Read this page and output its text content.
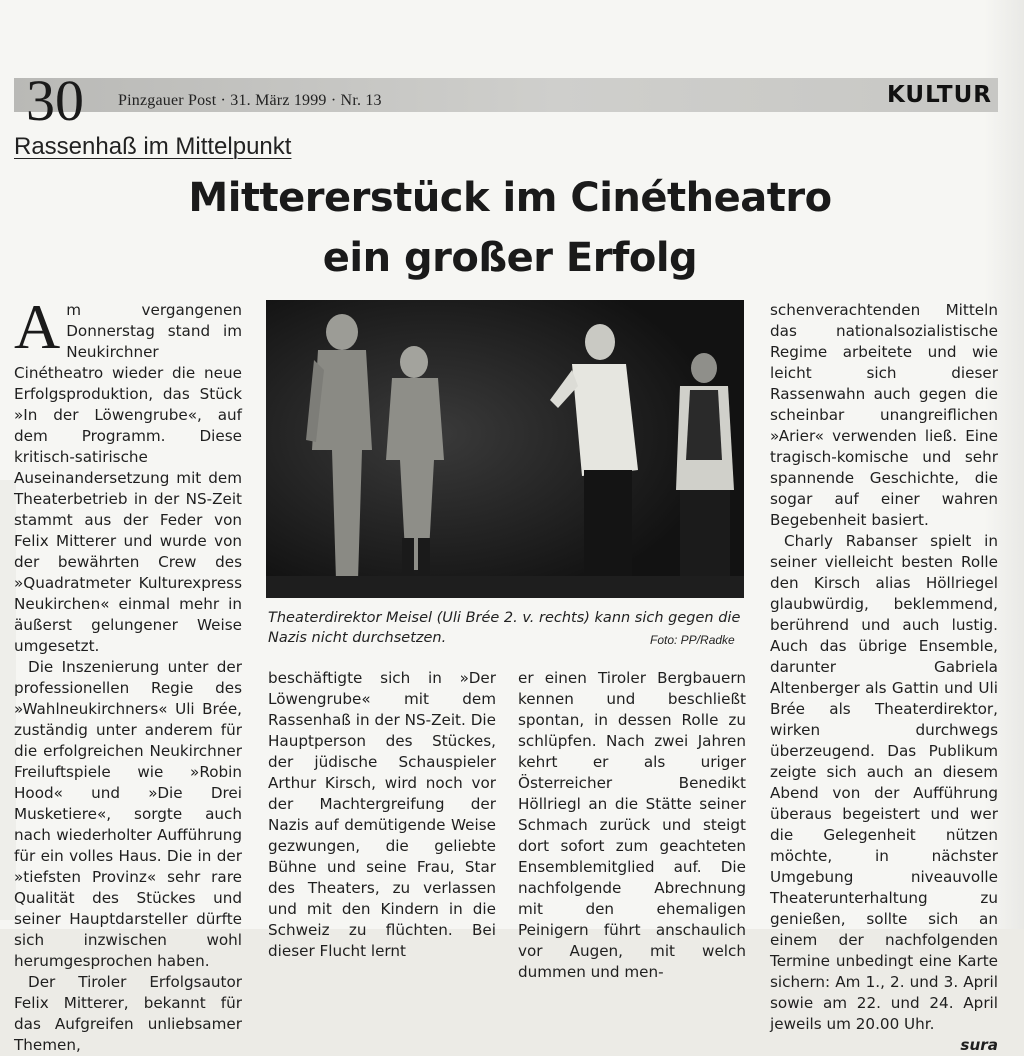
30 Pinzgauer Post · 31. März 1999 · Nr. 13	KULTUR
Rassenhaß im Mittelpunkt
Mittererstück im Cinétheatro
ein großer Erfolg

Am vergangenen Donnerstag stand im Neukirchner Cinétheatro wieder die neue Erfolgsproduktion, das Stück »In der Löwengrube«, auf dem Programm. Diese kritisch-satirische Auseinandersetzung mit dem Theaterbetrieb in der NS-Zeit stammt aus der Feder von Felix Mitterer und wurde von der bewährten Crew des »Quadratmeter Kulturexpress Neukirchen« einmal mehr in äußerst gelungener Weise umgesetzt.

Die Inszenierung unter der professionellen Regie des »Wahlneukirchners« Uli Brée, zuständig unter anderem für die erfolgreichen Neukirchner Freiluftspiele wie »Robin Hood« und »Die Drei Musketiere«, sorgte auch nach wiederholter Aufführung für ein volles Haus. Die in der »tiefsten Provinz« sehr rare Qualität des Stückes und seiner Hauptdarsteller dürfte sich inzwischen wohl herumgesprochen haben.

Der Tiroler Erfolgsautor Felix Mitterer, bekannt für das Aufgreifen unliebsamer Themen,

Theaterdirektor Meisel (Uli Brée 2. v. rechts) kann sich gegen die Nazis nicht durchsetzen.	Foto: PP/Radke

beschäftigte sich in »Der Löwengrube« mit dem Rassenhaß in der NS-Zeit. Die Hauptperson des Stückes, der jüdische Schauspieler Arthur Kirsch, wird noch vor der Machtergreifung der Nazis auf demütigende Weise gezwungen, die geliebte Bühne und seine Frau, Star des Theaters, zu verlassen und mit den Kindern in die Schweiz zu flüchten. Bei dieser Flucht lernt

er einen Tiroler Bergbauern kennen und beschließt spontan, in dessen Rolle zu schlüpfen. Nach zwei Jahren kehrt er als uriger Österreicher Benedikt Höllriegl an die Stätte seiner Schmach zurück und steigt dort sofort zum geachteten Ensemblemitglied auf. Die nachfolgende Abrechnung mit den ehemaligen Peinigern führt anschaulich vor Augen, mit welch dummen und men-

schenverachtenden Mitteln das nationalsozialistische Regime arbeitete und wie leicht sich dieser Rassenwahn auch gegen die scheinbar unangreiflichen »Arier« verwenden ließ. Eine tragisch-komische und sehr spannende Geschichte, die sogar auf einer wahren Begebenheit basiert.

Charly Rabanser spielt in seiner vielleicht besten Rolle den Kirsch alias Höllriegel glaubwürdig, beklemmend, berührend und auch lustig. Auch das übrige Ensemble, darunter Gabriela Altenberger als Gattin und Uli Brée als Theaterdirektor, wirken durchwegs überzeugend. Das Publikum zeigte sich auch an diesem Abend von der Aufführung überaus begeistert und wer die Gelegenheit nützen möchte, in nächster Umgebung niveauvolle Theaterunterhaltung zu genießen, sollte sich an einem der nachfolgenden Termine unbedingt eine Karte sichern: Am 1., 2. und 3. April sowie am 22. und 24. April jeweils um 20.00 Uhr.

sura
